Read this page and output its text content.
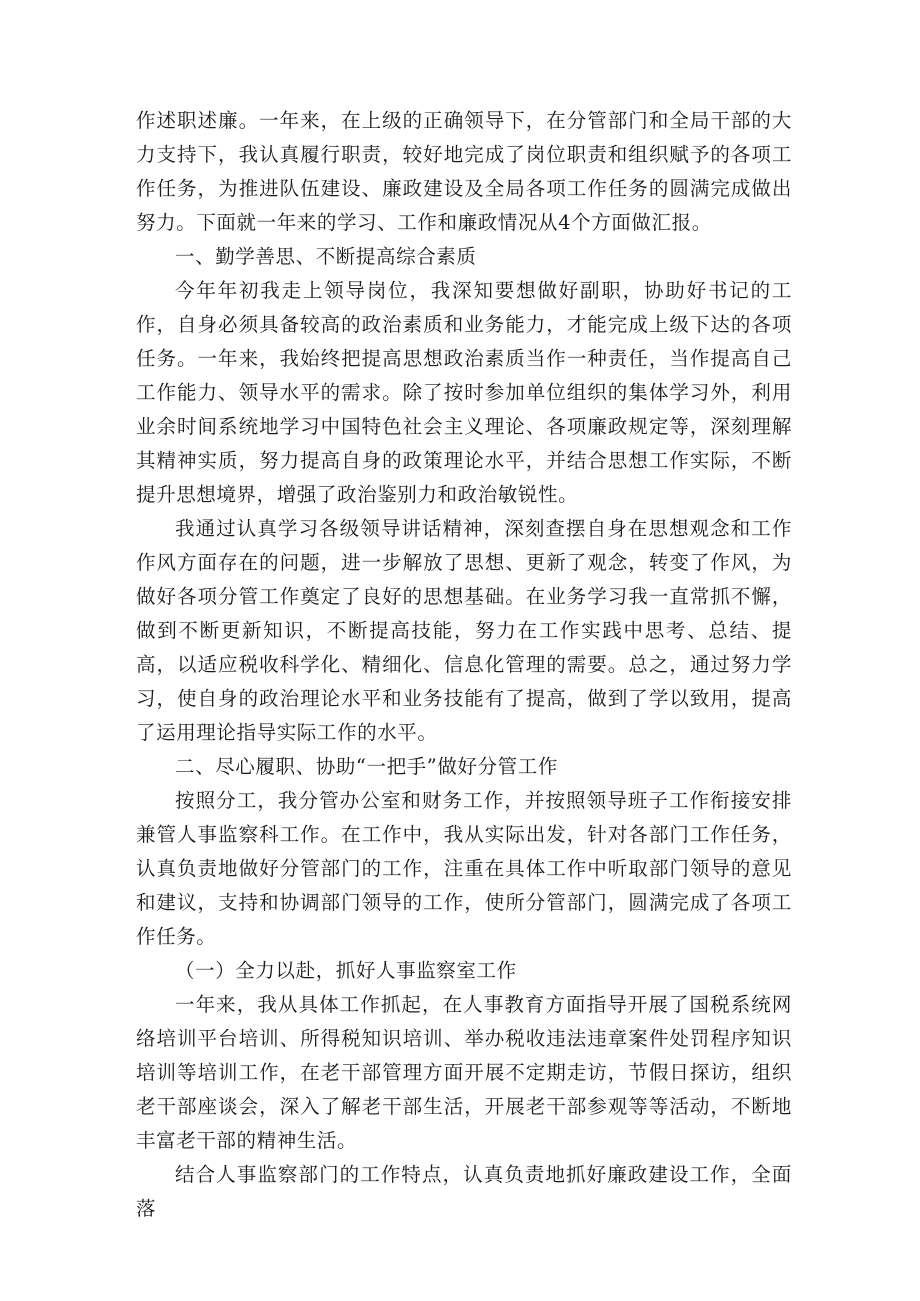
作述职述廉。一年来，在上级的正确领导下，在分管部门和全局干部的大力支持下，我认真履行职责，较好地完成了岗位职责和组织赋予的各项工作任务，为推进队伍建设、廉政建设及全局各项工作任务的圆满完成做出努力。下面就一年来的学习、工作和廉政情况从4个方面做汇报。

一、勤学善思、不断提高综合素质

今年年初我走上领导岗位，我深知要想做好副职，协助好书记的工作，自身必须具备较高的政治素质和业务能力，才能完成上级下达的各项任务。一年来，我始终把提高思想政治素质当作一种责任，当作提高自己工作能力、领导水平的需求。除了按时参加单位组织的集体学习外，利用业余时间系统地学习中国特色社会主义理论、各项廉政规定等，深刻理解其精神实质，努力提高自身的政策理论水平，并结合思想工作实际，不断提升思想境界，增强了政治鉴别力和政治敏锐性。

我通过认真学习各级领导讲话精神，深刻查摆自身在思想观念和工作作风方面存在的问题，进一步解放了思想、更新了观念，转变了作风，为做好各项分管工作奠定了良好的思想基础。在业务学习我一直常抓不懈，做到不断更新知识，不断提高技能，努力在工作实践中思考、总结、提高，以适应税收科学化、精细化、信息化管理的需要。总之，通过努力学习，使自身的政治理论水平和业务技能有了提高，做到了学以致用，提高了运用理论指导实际工作的水平。

二、尽心履职、协助“一把手”做好分管工作

按照分工，我分管办公室和财务工作，并按照领导班子工作衔接安排兼管人事监察科工作。在工作中，我从实际出发，针对各部门工作任务，认真负责地做好分管部门的工作，注重在具体工作中听取部门领导的意见和建议，支持和协调部门领导的工作，使所分管部门，圆满完成了各项工作任务。

（一）全力以赴，抓好人事监察室工作

一年来，我从具体工作抓起，在人事教育方面指导开展了国税系统网络培训平台培训、所得税知识培训、举办税收违法违章案件处罚程序知识培训等培训工作，在老干部管理方面开展不定期走访，节假日探访，组织老干部座谈会，深入了解老干部生活，开展老干部参观等等活动，不断地丰富老干部的精神生活。

结合人事监察部门的工作特点，认真负责地抓好廉政建设工作，全面落
